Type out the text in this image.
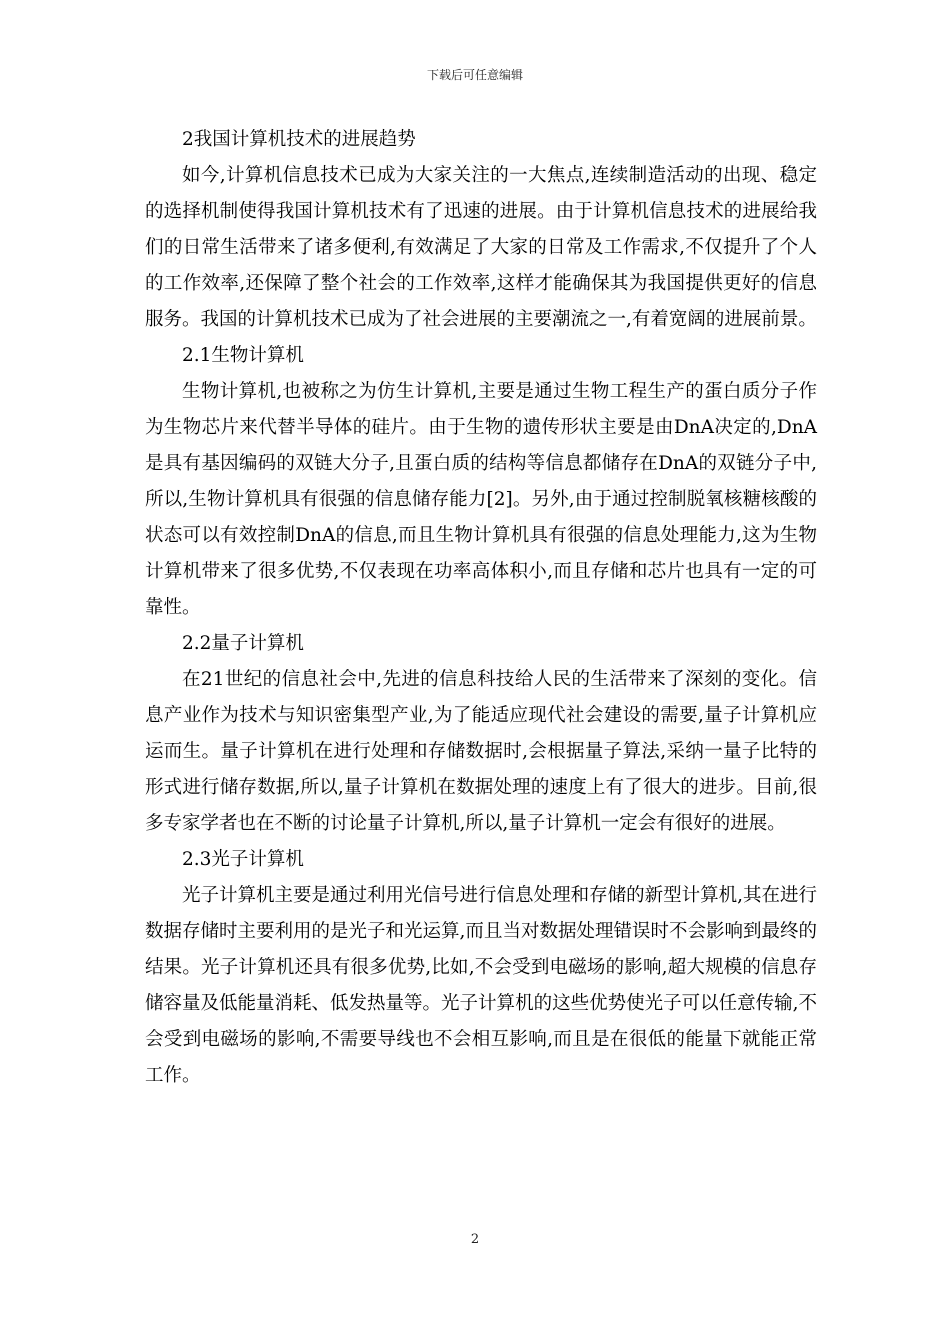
下载后可任意编辑
2我国计算机技术的进展趋势

如今,计算机信息技术已成为大家关注的一大焦点,连续制造活动的出现、稳定的选择机制使得我国计算机技术有了迅速的进展。由于计算机信息技术的进展给我们的日常生活带来了诸多便利,有效满足了大家的日常及工作需求,不仅提升了个人的工作效率,还保障了整个社会的工作效率,这样才能确保其为我国提供更好的信息服务。我国的计算机技术已成为了社会进展的主要潮流之一,有着宽阔的进展前景。

2.1生物计算机

生物计算机,也被称之为仿生计算机,主要是通过生物工程生产的蛋白质分子作为生物芯片来代替半导体的硅片。由于生物的遗传形状主要是由DnA决定的,DnA是具有基因编码的双链大分子,且蛋白质的结构等信息都储存在DnA的双链分子中,所以,生物计算机具有很强的信息储存能力[2]。另外,由于通过控制脱氧核糖核酸的状态可以有效控制DnA的信息,而且生物计算机具有很强的信息处理能力,这为生物计算机带来了很多优势,不仅表现在功率高体积小,而且存储和芯片也具有一定的可靠性。

2.2量子计算机

在21世纪的信息社会中,先进的信息科技给人民的生活带来了深刻的变化。信息产业作为技术与知识密集型产业,为了能适应现代社会建设的需要,量子计算机应运而生。量子计算机在进行处理和存储数据时,会根据量子算法,采纳一量子比特的形式进行储存数据,所以,量子计算机在数据处理的速度上有了很大的进步。目前,很多专家学者也在不断的讨论量子计算机,所以,量子计算机一定会有很好的进展。

2.3光子计算机

光子计算机主要是通过利用光信号进行信息处理和存储的新型计算机,其在进行数据存储时主要利用的是光子和光运算,而且当对数据处理错误时不会影响到最终的结果。光子计算机还具有很多优势,比如,不会受到电磁场的影响,超大规模的信息存储容量及低能量消耗、低发热量等。光子计算机的这些优势使光子可以任意传输,不会受到电磁场的影响,不需要导线也不会相互影响,而且是在很低的能量下就能正常工作。

2
